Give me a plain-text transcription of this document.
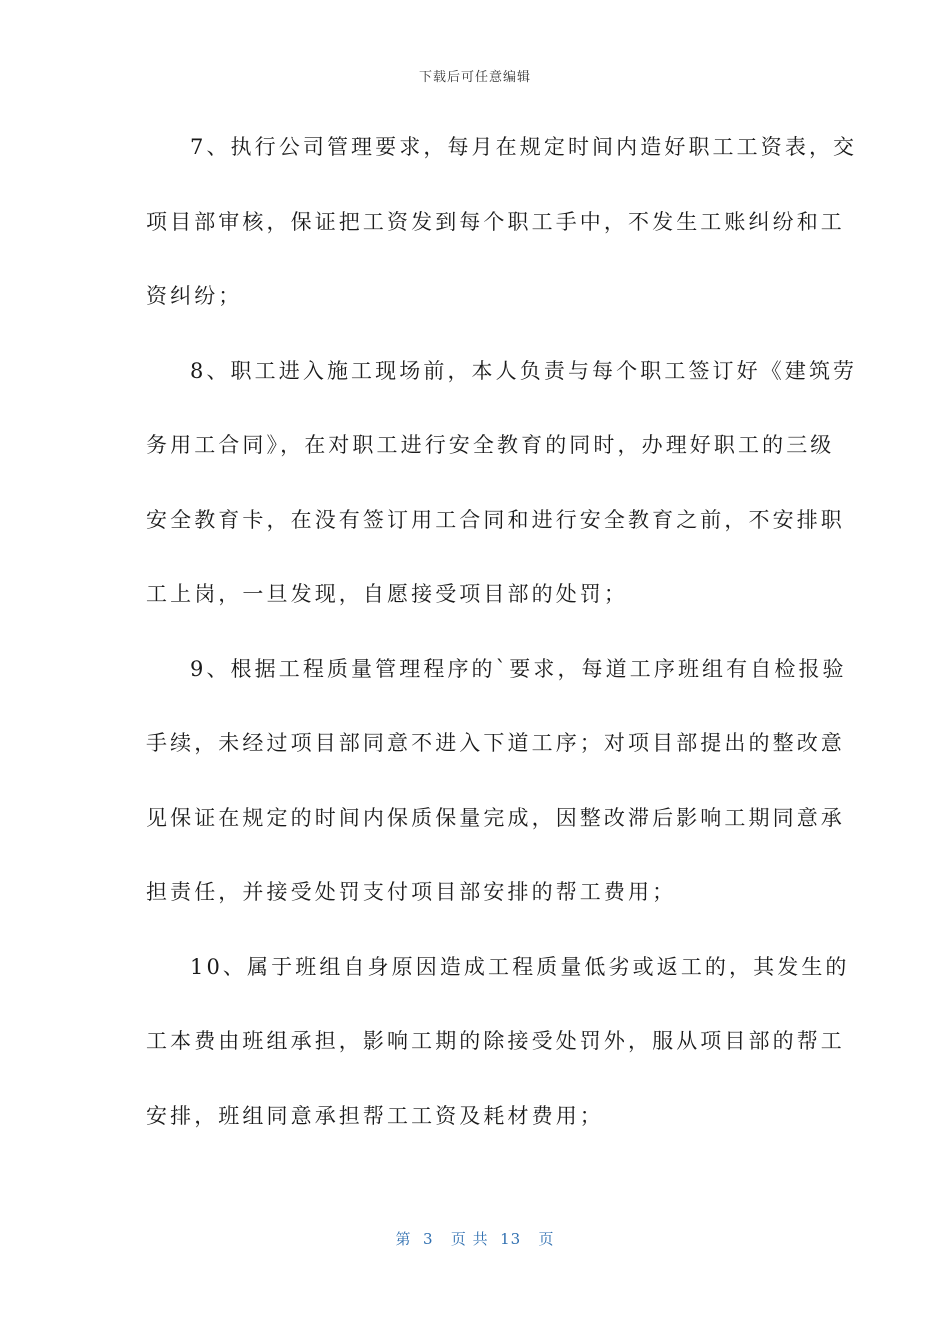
下载后可任意编辑
7、执行公司管理要求，每月在规定时间内造好职工工资表，交
项目部审核，保证把工资发到每个职工手中，不发生工账纠纷和工
资纠纷；
8、职工进入施工现场前，本人负责与每个职工签订好《建筑劳
务用工合同》，在对职工进行安全教育的同时，办理好职工的三级
安全教育卡，在没有签订用工合同和进行安全教育之前，不安排职
工上岗，一旦发现，自愿接受项目部的处罚；
9、根据工程质量管理程序的`要求，每道工序班组有自检报验
手续，未经过项目部同意不进入下道工序；对项目部提出的整改意
见保证在规定的时间内保质保量完成，因整改滞后影响工期同意承
担责任，并接受处罚支付项目部安排的帮工费用；
10、属于班组自身原因造成工程质量低劣或返工的，其发生的
工本费由班组承担，影响工期的除接受处罚外，服从项目部的帮工
安排，班组同意承担帮工工资及耗材费用；
第  3   页 共  13   页
